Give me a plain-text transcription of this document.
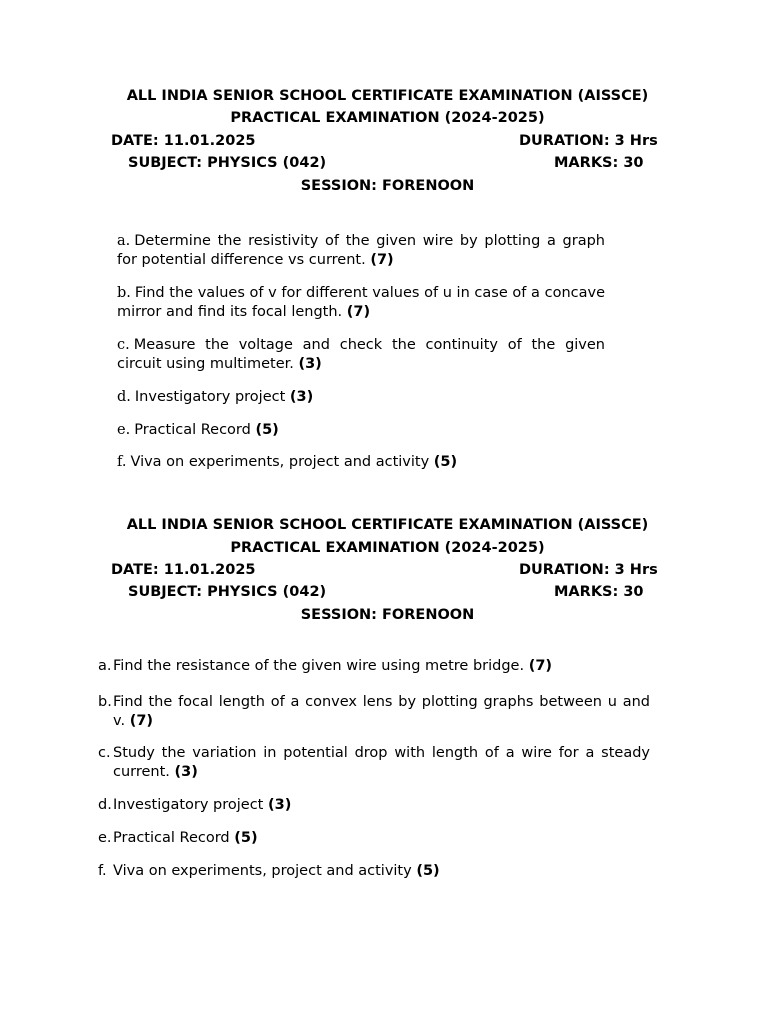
ALL INDIA SENIOR SCHOOL CERTIFICATE EXAMINATION (AISSCE)
PRACTICAL EXAMINATION (2024-2025)
DATE: 11.01.2025	DURATION: 3 Hrs
SUBJECT: PHYSICS (042)	MARKS: 30
SESSION: FORENOON
a. Determine the resistivity of the given wire by plotting a graph for potential difference vs current. (7)
b. Find the values of v for different values of u in case of a concave mirror and find its focal length. (7)
c. Measure the voltage and check the continuity of the given circuit using multimeter. (3)
d. Investigatory project (3)
e. Practical Record (5)
f. Viva on experiments, project and activity (5)
ALL INDIA SENIOR SCHOOL CERTIFICATE EXAMINATION (AISSCE)
PRACTICAL EXAMINATION (2024-2025)
DATE: 11.01.2025	DURATION: 3 Hrs
SUBJECT: PHYSICS (042)	MARKS: 30
SESSION: FORENOON
a. Find the resistance of the given wire using metre bridge. (7)
b. Find the focal length of a convex lens by plotting graphs between u and v. (7)
c. Study the variation in potential drop with length of a wire for a steady current. (3)
d. Investigatory project (3)
e. Practical Record (5)
f. Viva on experiments, project and activity (5)
